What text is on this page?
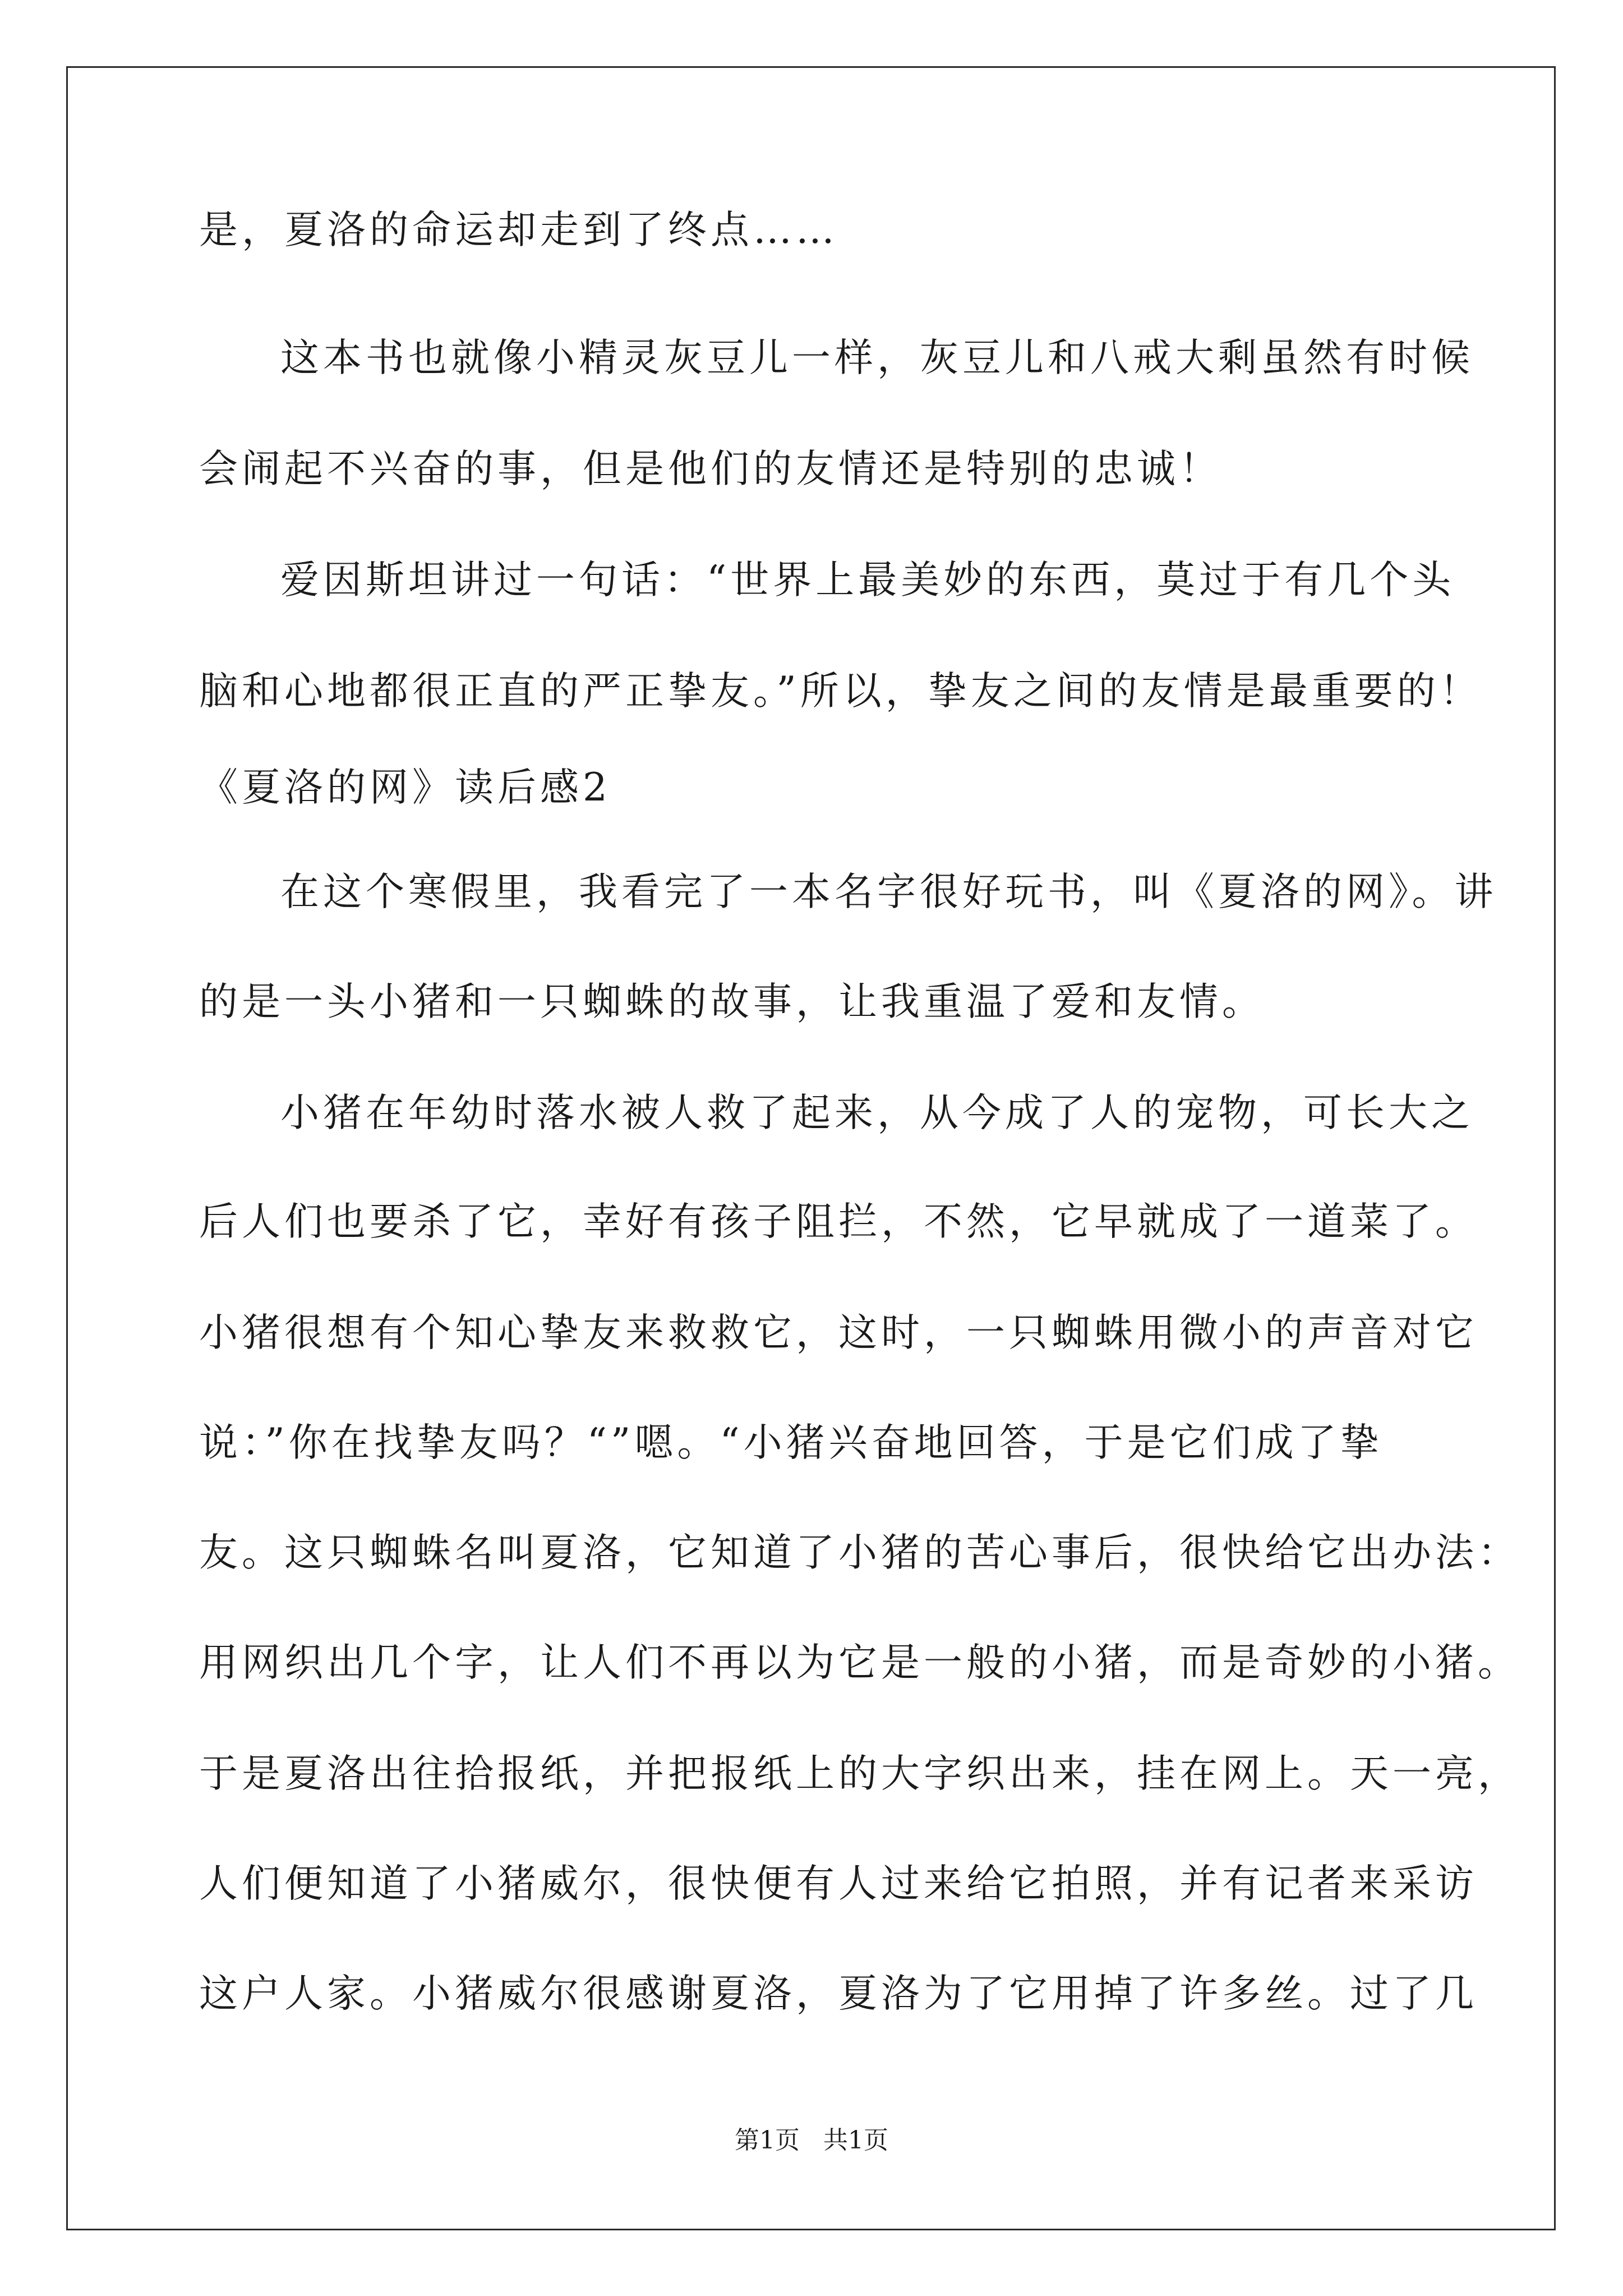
是，夏洛的命运却走到了终点……
这本书也就像小精灵灰豆儿一样，灰豆儿和八戒大剩虽然有时候
会闹起不兴奋的事，但是他们的友情还是特别的忠诚！
爱因斯坦讲过一句话：“世界上最美妙的东西，莫过于有几个头
脑和心地都很正直的严正挚友。”所以，挚友之间的友情是最重要的！
《夏洛的网》读后感2
在这个寒假里，我看完了一本名字很好玩书，叫《夏洛的网》。讲
的是一头小猪和一只蜘蛛的故事，让我重温了爱和友情。
小猪在年幼时落水被人救了起来，从今成了人的宠物，可长大之
后人们也要杀了它，幸好有孩子阻拦，不然，它早就成了一道菜了。
小猪很想有个知心挚友来救救它，这时，一只蜘蛛用微小的声音对它
说：”你在找挚友吗？“”嗯。“小猪兴奋地回答，于是它们成了挚
友。这只蜘蛛名叫夏洛，它知道了小猪的苦心事后，很快给它出办法：
用网织出几个字，让人们不再以为它是一般的小猪，而是奇妙的小猪。
于是夏洛出往拾报纸，并把报纸上的大字织出来，挂在网上。天一亮，
人们便知道了小猪威尔，很快便有人过来给它拍照，并有记者来采访
这户人家。小猪威尔很感谢夏洛，夏洛为了它用掉了许多丝。过了几
第1页   共1页
